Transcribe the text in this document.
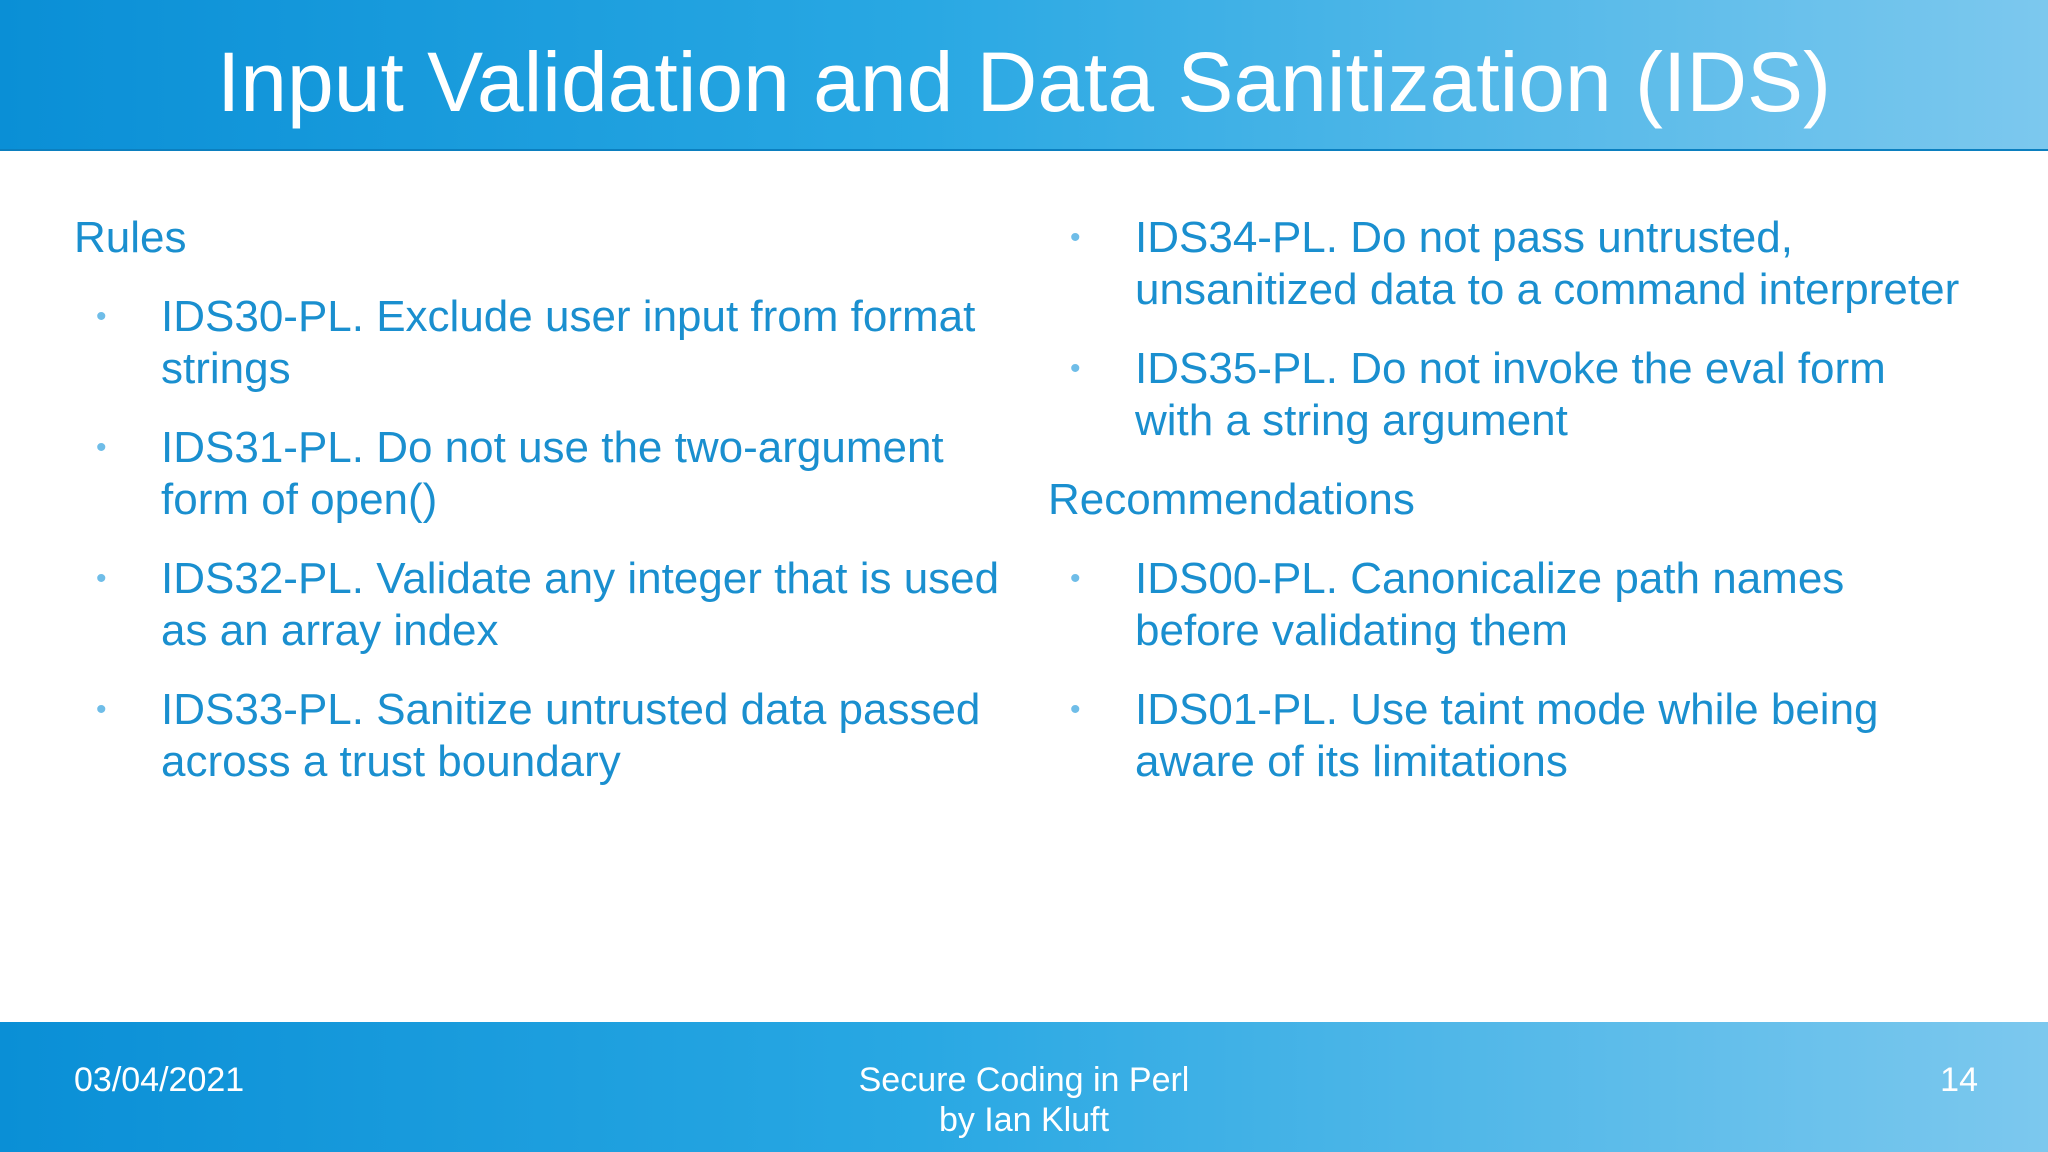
Input Validation and Data Sanitization (IDS)
Rules
• IDS30-PL. Exclude user input from format strings
• IDS31-PL. Do not use the two-argument form of open()
• IDS32-PL. Validate any integer that is used as an array index
• IDS33-PL. Sanitize untrusted data passed across a trust boundary
• IDS34-PL. Do not pass untrusted, unsanitized data to a command interpreter
• IDS35-PL. Do not invoke the eval form with a string argument
Recommendations
• IDS00-PL. Canonicalize path names before validating them
• IDS01-PL. Use taint mode while being aware of its limitations
03/04/2021	Secure Coding in Perl
by Ian Kluft
14
